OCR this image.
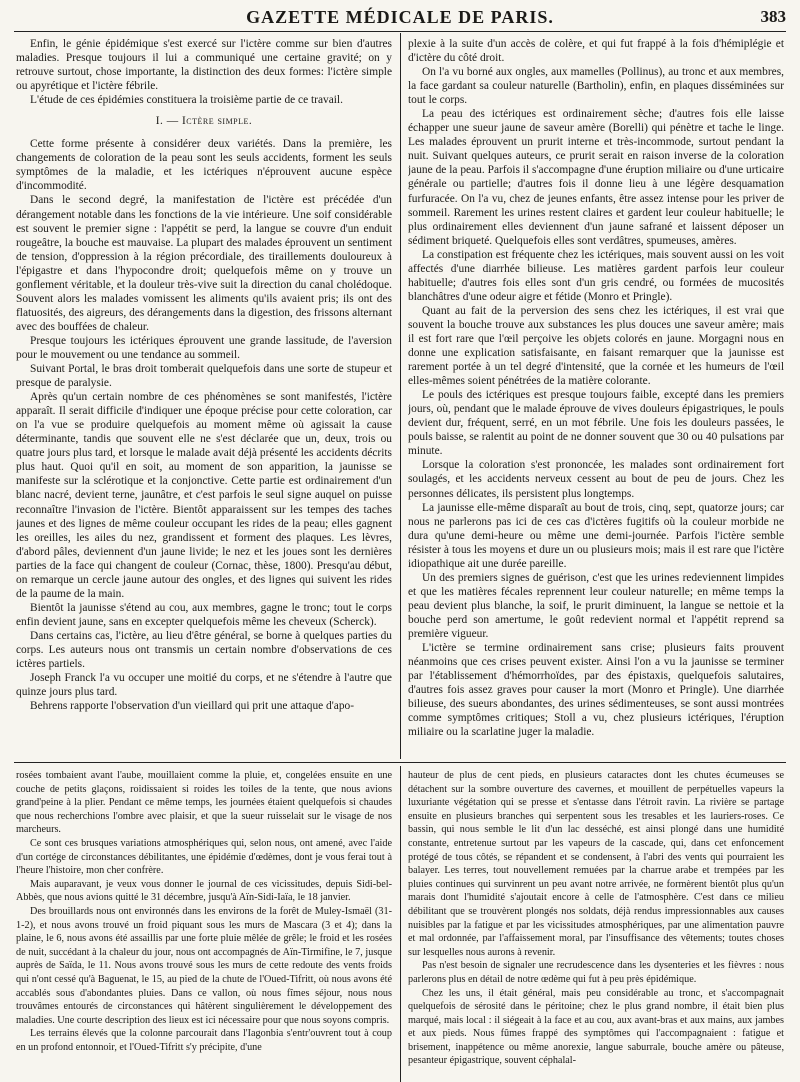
GAZETTE MÉDICALE DE PARIS.	383

Enfin, le génie épidémique s'est exercé sur l'ictère comme sur bien d'autres maladies. Presque toujours il lui a communiqué une certaine gravité; on y retrouve surtout, chose importante, la distinction des deux formes: l'ictère simple ou apyrétique et l'ictère fébrile.

L'étude de ces épidémies constituera la troisième partie de ce travail.

I. — Ictère simple.

Cette forme présente à considérer deux variétés. Dans la première, les changements de coloration de la peau sont les seuls accidents, forment les seuls symptômes de la maladie, et les ictériques n'éprouvent aucune espèce d'incommodité.

Dans le second degré, la manifestation de l'ictère est précédée d'un dérangement notable dans les fonctions de la vie intérieure. Une soif considérable est souvent le premier signe : l'appétit se perd, la langue se couvre d'un enduit rougeâtre, la bouche est mauvaise. La plupart des malades éprouvent un sentiment de tension, d'oppression à la région précordiale, des tiraillements douloureux à l'épigastre et dans l'hypocondre droit; quelquefois même on y trouve un gonflement véritable, et la douleur très-vive suit la direction du canal cholédoque. Souvent alors les malades vomissent les aliments qu'ils avaient pris; ils ont des flatuosités, des aigreurs, des dérangements dans la digestion, des frissons alternant avec des bouffées de chaleur.

Presque toujours les ictériques éprouvent une grande lassitude, de l'aversion pour le mouvement ou une tendance au sommeil.

Suivant Portal, le bras droit tomberait quelquefois dans une sorte de stupeur et presque de paralysie.

Après qu'un certain nombre de ces phénomènes se sont manifestés, l'ictère apparaît. Il serait difficile d'indiquer une époque précise pour cette coloration, car on l'a vue se produire quelquefois au moment même où agissait la cause déterminante, tandis que souvent elle ne s'est déclarée que un, deux, trois ou quatre jours plus tard, et lorsque le malade avait déjà présenté les accidents décrits plus haut. Quoi qu'il en soit, au moment de son apparition, la jaunisse se manifeste sur la sclérotique et la conjonctive. Cette partie est ordinairement d'un blanc nacré, devient terne, jaunâtre, et c'est parfois le seul signe auquel on puisse reconnaître l'invasion de l'ictère. Bientôt apparaissent sur les tempes des taches jaunes et des lignes de même couleur occupant les rides de la peau; elles gagnent les oreilles, les ailes du nez, grandissent et forment des plaques. Les lèvres, d'abord pâles, deviennent d'un jaune livide; le nez et les joues sont les dernières parties de la face qui changent de couleur (Cornac, thèse, 1800). Presqu'au début, on remarque un cercle jaune autour des ongles, et des lignes qui suivent les rides de la paume de la main.

Bientôt la jaunisse s'étend au cou, aux membres, gagne le tronc; tout le corps enfin devient jaune, sans en excepter quelquefois même les cheveux (Scherck).

Dans certains cas, l'ictère, au lieu d'être général, se borne à quelques parties du corps. Les auteurs nous ont transmis un certain nombre d'observations de ces ictères partiels.

Joseph Franck l'a vu occuper une moitié du corps, et ne s'étendre à l'autre que quinze jours plus tard.

Behrens rapporte l'observation d'un vieillard qui prit une attaque d'apo-

plexie à la suite d'un accès de colère, et qui fut frappé à la fois d'hémiplégie et d'ictère du côté droit.

On l'a vu borné aux ongles, aux mamelles (Pollinus), au tronc et aux membres, la face gardant sa couleur naturelle (Bartholin), enfin, en plaques disséminées sur tout le corps.

La peau des ictériques est ordinairement sèche; d'autres fois elle laisse échapper une sueur jaune de saveur amère (Borelli) qui pénètre et tache le linge. Les malades éprouvent un prurit interne et très-incommode, surtout pendant la nuit. Suivant quelques auteurs, ce prurit serait en raison inverse de la coloration jaune de la peau. Parfois il s'accompagne d'une éruption miliaire ou d'une urticaire générale ou partielle; d'autres fois il donne lieu à une légère desquamation furfuracée. On l'a vu, chez de jeunes enfants, être assez intense pour les priver de sommeil. Rarement les urines restent claires et gardent leur couleur habituelle; le plus ordinairement elles deviennent d'un jaune safrané et laissent déposer un sédiment briqueté. Quelquefois elles sont verdâtres, spumeuses, amères.

La constipation est fréquente chez les ictériques, mais souvent aussi on les voit affectés d'une diarrhée bilieuse. Les matières gardent parfois leur couleur habituelle; d'autres fois elles sont d'un gris cendré, ou formées de mucosités blanchâtres d'une odeur aigre et fétide (Monro et Pringle).

Quant au fait de la perversion des sens chez les ictériques, il est vrai que souvent la bouche trouve aux substances les plus douces une saveur amère; mais il est fort rare que l'œil perçoive les objets colorés en jaune. Morgagni nous en donne une explication satisfaisante, en faisant remarquer que la jaunisse est rarement portée à un tel degré d'intensité, que la cornée et les humeurs de l'œil elles-mêmes soient pénétrées de la matière colorante.

Le pouls des ictériques est presque toujours faible, excepté dans les premiers jours, où, pendant que le malade éprouve de vives douleurs épigastriques, le pouls devient dur, fréquent, serré, en un mot fébrile. Une fois les douleurs passées, le pouls baisse, se ralentit au point de ne donner souvent que 30 ou 40 pulsations par minute.

Lorsque la coloration s'est prononcée, les malades sont ordinairement fort soulagés, et les accidents nerveux cessent au bout de peu de jours. Chez les personnes délicates, ils persistent plus longtemps.

La jaunisse elle-même disparaît au bout de trois, cinq, sept, quatorze jours; car nous ne parlerons pas ici de ces cas d'ictères fugitifs où la couleur morbide ne dura qu'une demi-heure ou même une demi-journée. Parfois l'ictère semble résister à tous les moyens et dure un ou plusieurs mois; mais il est rare que l'ictère idiopathique ait une durée pareille.

Un des premiers signes de guérison, c'est que les urines redeviennent limpides et que les matières fécales reprennent leur couleur naturelle; en même temps la peau devient plus blanche, la soif, le prurit diminuent, la langue se nettoie et la bouche perd son amertume, le goût redevient normal et l'appétit reprend sa première vigueur.

L'ictère se termine ordinairement sans crise; plusieurs faits prouvent néanmoins que ces crises peuvent exister. Ainsi l'on a vu la jaunisse se terminer par l'établissement d'hémorrhoïdes, par des épistaxis, quelquefois salutaires, d'autres fois assez graves pour causer la mort (Monro et Pringle). Une diarrhée bilieuse, des sueurs abondantes, des urines sédimenteuses, se sont aussi montrées comme symptômes critiques; Stoll a vu, chez plusieurs ictériques, l'éruption miliaire ou la scarlatine juger la maladie.

rosées tombaient avant l'aube, mouillaient comme la pluie, et, congelées ensuite en une couche de petits glaçons, roidissaient si roides les toiles de la tente, que nous avions grand'peine à la plier. Pendant ce même temps, les journées étaient quelquefois si chaudes que nous recherchions l'ombre avec plaisir, et que la sueur ruisselait sur le visage de nos marcheurs.

Ce sont ces brusques variations atmosphériques qui, selon nous, ont amené, avec l'aide d'un cortége de circonstances débilitantes, une épidémie d'œdèmes, dont je vous ferai tout à l'heure l'histoire, mon cher confrère.

Mais auparavant, je veux vous donner le journal de ces vicissitudes, depuis Sidi-bel-Abbès, que nous avions quitté le 31 décembre, jusqu'à Aïn-Sidi-Iaïa, le 18 janvier.

Des brouillards nous ont environnés dans les environs de la forêt de Muley-Ismaël (31-1-2), et nous avons trouvé un froid piquant sous les murs de Mascara (3 et 4); dans la plaine, le 6, nous avons été assaillis par une forte pluie mêlée de grêle; le froid et les rosées de nuit, succédant à la chaleur du jour, nous ont accompagnés de Aïn-Tirmifine, le 7, jusque auprès de Saïda, le 11. Nous avons trouvé sous les murs de cette redoute des vents froids qui n'ont cessé qu'à Baguenat, le 15, au pied de la chute de l'Oued-Tifritt, où nous avons été accablés sous d'abondantes pluies. Dans ce vallon, où nous fîmes séjour, nous nous trouvâmes entourés de circonstances qui hâtèrent singulièrement le développement des maladies. Une courte description des lieux est ici nécessaire pour que nous soyons compris.

Les terrains élevés que la colonne parcourait dans l'Iagonbia s'entr'ouvrent tout à coup en un profond entonnoir, et l'Oued-Tifritt s'y précipite, d'une

hauteur de plus de cent pieds, en plusieurs cataractes dont les chutes écumeuses se détachent sur la sombre ouverture des cavernes, et mouillent de perpétuelles vapeurs la luxuriante végétation qui se presse et s'entasse dans l'étroit ravin. La rivière se partage ensuite en plusieurs branches qui serpentent sous les tresables et les lauriers-roses. Ce bassin, qui nous semble le lit d'un lac desséché, est ainsi plongé dans une humidité constante, entretenue surtout par les vapeurs de la cascade, qui, dans cet enfoncement protégé de tous côtés, se répandent et se condensent, à l'abri des vents qui pourraient les balayer. Les terres, tout nouvellement remuées par la charrue arabe et trempées par les pluies continues qui survinrent un peu avant notre arrivée, ne formèrent bientôt plus qu'un marais dont l'humidité s'ajoutait encore à celle de l'atmosphère. C'est dans ce milieu débilitant que se trouvèrent plongés nos soldats, déjà rendus impressionnables aux causes nuisibles par la fatigue et par les vicissitudes atmosphériques, par une alimentation pauvre et mal ordonnée, par l'affaissement moral, par l'insuffisance des vêtements; toutes choses sur lesquelles nous aurons à revenir.

Pas n'est besoin de signaler une recrudescence dans les dysenteries et les fièvres : nous parlerons plus en détail de notre œdème qui fut à peu près épidémique.

Chez les uns, il était général, mais peu considérable au tronc, et s'accompagnait quelquefois de sérosité dans le péritoine; chez le plus grand nombre, il était bien plus marqué, mais local : il siégeait à la face et au cou, aux avant-bras et aux mains, aux jambes et aux pieds. Nous fûmes frappé des symptômes qui l'accompagnaient : fatigue et brisement, inappétence ou même anorexie, langue saburrale, bouche amère ou pâteuse, pesanteur épigastrique, souvent céphalal-
